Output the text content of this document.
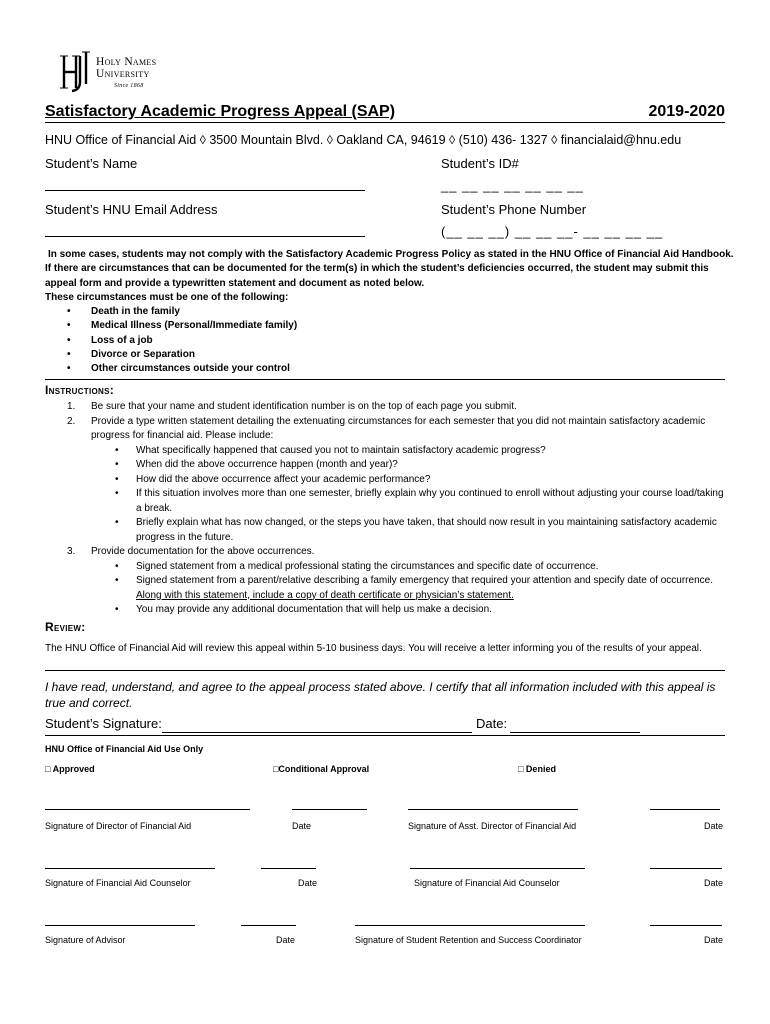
Holy Names
University
Since 1868
Satisfactory Academic Progress Appeal (SAP)	2019-2020
HNU Office of Financial Aid ◊ 3500 Mountain Blvd. ◊ Oakland CA, 94619 ◊ (510) 436- 1327 ◊ financialaid@hnu.edu
Student’s Name	Student’s ID#
__ __ __ __ __ __ __
Student’s HNU Email Address	Student’s Phone Number
(__ __ __) __ __ __- __ __ __ __

In some cases, students may not comply with the Satisfactory Academic Progress Policy as stated in the HNU Office of Financial Aid Handbook.

If there are circumstances that can be documented for the term(s) in which the student’s deficiencies occurred, the student may submit this appeal form and provide a typewritten statement and document as noted below.

These circumstances must be one of the following:

• Death in the family
• Medical Illness (Personal/Immediate family)
• Loss of a job
• Divorce or Separation
• Other circumstances outside your control
Instructions:
1. Be sure that your name and student identification number is on the top of each page you submit.
2. Provide a type written statement detailing the extenuating circumstances for each semester that you did not maintain satisfactory academic progress for financial aid. Please include:
• What specifically happened that caused you not to maintain satisfactory academic progress?
• When did the above occurrence happen (month and year)?
• How did the above occurrence affect your academic performance?
• If this situation involves more than one semester, briefly explain why you continued to enroll without adjusting your course load/taking a break.
• Briefly explain what has now changed, or the steps you have taken, that should now result in you maintaining satisfactory academic progress in the future.
3. Provide documentation for the above occurrences.
• Signed statement from a medical professional stating the circumstances and specific date of occurrence.
• Signed statement from a parent/relative describing a family emergency that required your attention and specify date of occurrence. Along with this statement, include a copy of death certificate or physician’s statement.
• You may provide any additional documentation that will help us make a decision.
Review:
The HNU Office of Financial Aid will review this appeal within 5-10 business days. You will receive a letter informing you of the results of your appeal.
I have read, understand, and agree to the appeal process stated above. I certify that all information included with this appeal is true and correct.
Student’s Signature:	Date:
HNU Office of Financial Aid Use Only
□ Approved	□Conditional Approval	□ Denied
Signature of Director of Financial Aid	Date	Signature of Asst. Director of Financial Aid	Date
Signature of Financial Aid Counselor	Date	Signature of Financial Aid Counselor	Date
Signature of Advisor	Date	Signature of Student Retention and Success Coordinator	Date
